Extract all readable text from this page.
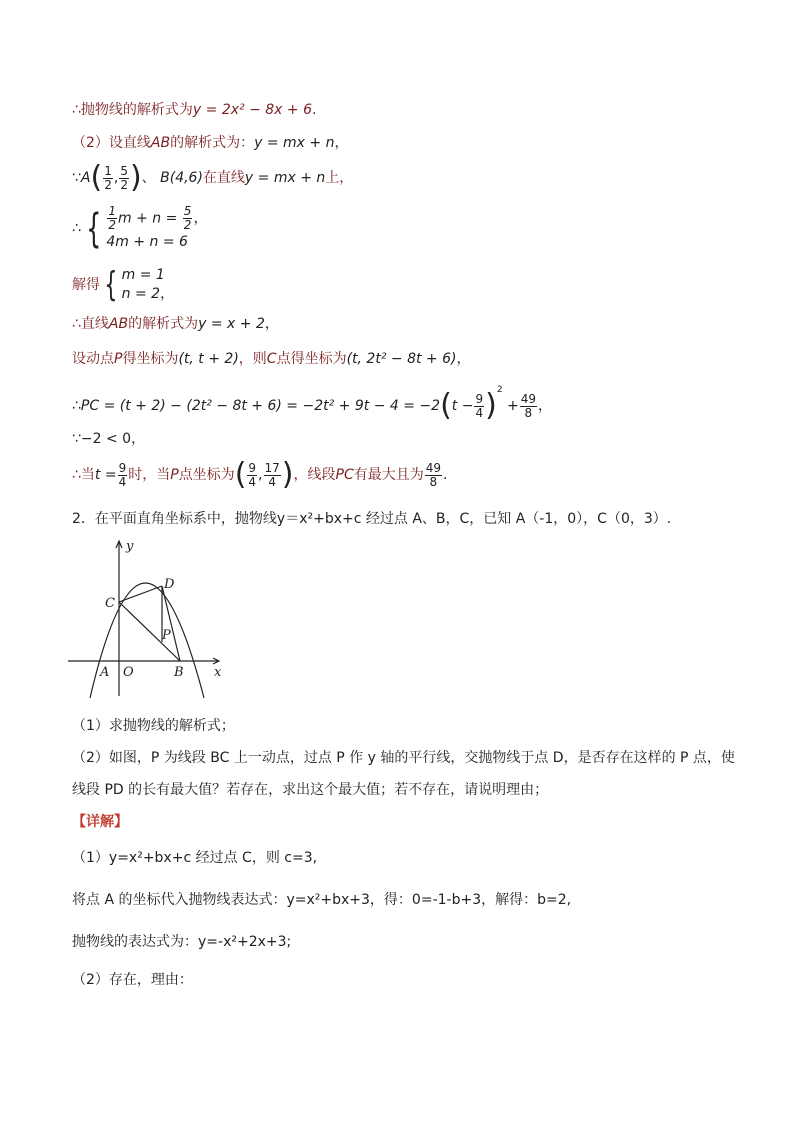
∴抛物线的解析式为y = 2x² − 8x + 6.
（2）设直线AB的解析式为：y = mx + n，
∵A( $\frac{1}{2}$ , $\frac{5}{2}$ )、 B(4,6)在直线y = mx + n上，
∴ { $\frac{1}{2}$ $m + n = \frac{5}{2}$ ，
4m + n = 6
解得 { m = 1
n = 2，
∴直线AB的解析式为y = x + 2，
设动点P得坐标为(t, t + 2)，则C点得坐标为(t, 2t² − 8t + 6)，
∴PC = $(t + 2) - (2t^2 - 8t + 6) = -2t^2 + 9t - 4 = -2(t - \frac{9}{4} )^2 + \frac{49}{8}$ ，
∵−2 < 0，
∴当$t = \frac{9}{4}$ 时，当P点坐标为( $\frac{9}{4}$ , $\frac{17}{4}$ )，线段PC有最大且为 $\frac{49}{8}$ .
2．在平面直角坐标系中，抛物线y＝x²+bx+c 经过点 A、B，C，已知 A（-1，0），C（0，3）.
y
x
C
D
P
A O	B
（1）求抛物线的解析式；
（2）如图，P 为线段 BC 上一动点，过点 P 作 y 轴的平行线，交抛物线于点 D，是否存在这样的 P 点，使
线段 PD 的长有最大值？若存在，求出这个最大值；若不存在，请说明理由；
【详解】
（1）y=x²+bx+c 经过点 C，则 c=3,
将点 A 的坐标代入抛物线表达式：y=x²+bx+3，得：0=-1-b+3，解得：b=2,
抛物线的表达式为：y=-x²+2x+3;
（2）存在，理由：
